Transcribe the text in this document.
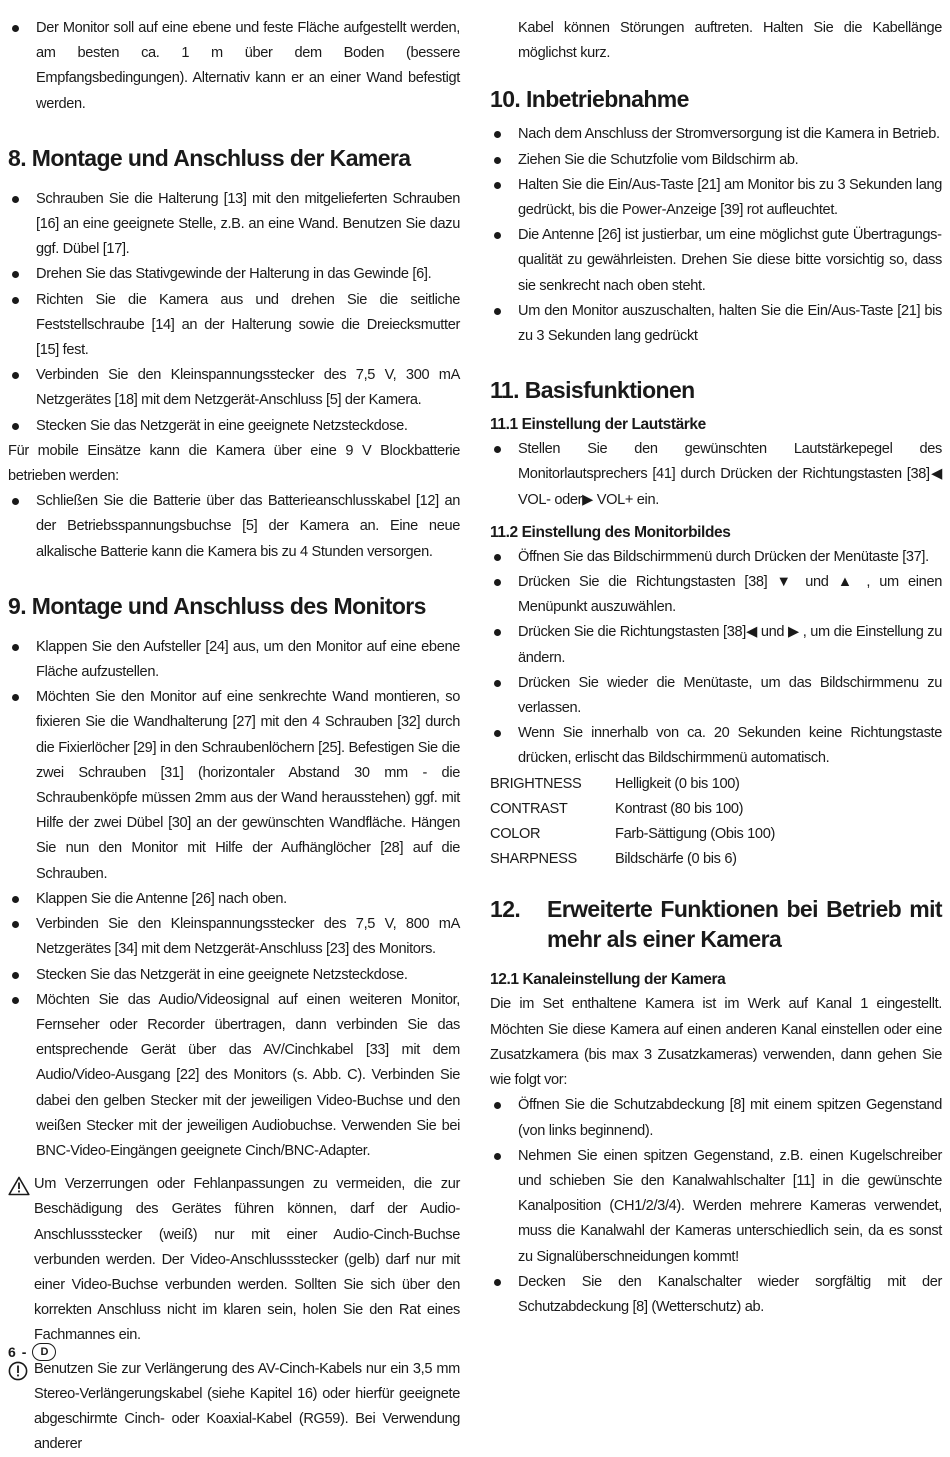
Der Monitor soll auf eine ebene und feste Fläche aufgestellt werden, am besten ca. 1 m über dem Boden (bessere Empfangsbedingungen). Alternativ kann er an einer Wand befestigt werden.
8. Montage und Anschluss der Kamera
Schrauben Sie die Halterung [13] mit den mitgelieferten Schrauben [16] an eine geeignete Stelle, z.B. an eine Wand. Benutzen Sie dazu ggf. Dübel [17].
Drehen Sie das Stativgewinde der Halterung in das Gewinde [6].
Richten Sie die Kamera aus und drehen Sie die seitliche Feststellschraube [14] an der Halterung sowie die Dreiecksmutter [15] fest.
Verbinden Sie den Kleinspannungsstecker des 7,5 V, 300 mA Netzgerätes [18] mit dem Netzgerät-Anschluss [5] der Kamera.
Stecken Sie das Netzgerät in eine geeignete Netzsteckdose.

Für mobile Einsätze kann die Kamera über eine 9 V Blockbatterie betrieben werden:

Schließen Sie die Batterie über das Batterieanschlusskabel [12] an der Betriebsspannungsbuchse [5] der Kamera an. Eine neue alkalische Batterie kann die Kamera bis zu 4 Stunden versorgen.
9. Montage und Anschluss des Monitors
Klappen Sie den Aufsteller [24] aus, um den Monitor auf eine ebene Fläche aufzustellen.
Möchten Sie den Monitor auf eine senkrechte Wand montieren, so fixieren Sie die Wandhalterung [27] mit den 4 Schrauben [32] durch die Fixierlöcher [29] in den Schraubenlöchern [25]. Befestigen Sie die zwei Schrauben [31] (horizontaler Abstand 30 mm - die Schraubenköpfe müssen 2mm aus der Wand herausstehen) ggf. mit Hilfe der zwei Dübel [30] an der gewünschten Wandfläche. Hängen Sie nun den Monitor mit Hilfe der Aufhänglöcher [28] auf die Schrauben.
Klappen Sie die Antenne [26] nach oben.
Verbinden Sie den Kleinspannungsstecker des 7,5 V, 800 mA Netzgerätes [34] mit dem Netzgerät-Anschluss [23] des Monitors.
Stecken Sie das Netzgerät in eine geeignete Netzsteckdose.
Möchten Sie das Audio/Videosignal auf einen weiteren Monitor, Fernseher oder Recorder übertragen, dann verbinden Sie das entsprechende Gerät über das AV/Cinchkabel [33] mit dem Audio/Video-Ausgang [22] des Monitors (s. Abb. C). Verbinden Sie dabei den gelben Stecker mit der jeweiligen Video-Buchse und den weißen Stecker mit der jeweiligen Audiobuchse. Verwenden Sie bei BNC-Video-Eingängen geeignete Cinch/BNC-Adapter.

Um Verzerrungen oder Fehlanpassungen zu vermeiden, die zur Beschädigung des Gerätes führen können, darf der Audio-Anschlussstecker (weiß) nur mit einer Audio-Cinch-Buchse verbunden werden. Der Video-Anschlussstecker (gelb) darf nur mit einer Video-Buchse verbunden werden. Sollten Sie sich über den korrekten Anschluss nicht im klaren sein, holen Sie den Rat eines Fachmannes ein.

Benutzen Sie zur Verlängerung des AV-Cinch-Kabels nur ein 3,5 mm Stereo-Verlängerungskabel (siehe Kapitel 16) oder hierfür geeignete abgeschirmte Cinch- oder Koaxial-Kabel (RG59). Bei Verwendung anderer

Kabel können Störungen auftreten. Halten Sie die Kabellänge möglichst kurz.

10. Inbetriebnahme
Nach dem Anschluss der Stromversorgung ist die Kamera in Betrieb.
Ziehen Sie die Schutzfolie vom Bildschirm ab.
Halten Sie die Ein/Aus-Taste [21] am Monitor bis zu 3 Sekunden lang gedrückt, bis die Power-Anzeige [39] rot aufleuchtet.
Die Antenne [26] ist justierbar, um eine möglichst gute Übertragungsqualität zu gewährleisten. Drehen Sie diese bitte vorsichtig so, dass sie senkrecht nach oben steht.
Um den Monitor auszuschalten, halten Sie die Ein/Aus-Taste [21] bis zu 3 Sekunden lang gedrückt
11. Basisfunktionen
11.1 Einstellung der Lautstärke
Stellen Sie den gewünschten Lautstärkepegel des Monitorlautsprechers [41] durch Drücken der Richtungstasten [38]◀ VOL- oder▶ VOL+ ein.
11.2 Einstellung des Monitorbildes
Öffnen Sie das Bildschirmmenü durch Drücken der Menütaste [37].
Drücken Sie die Richtungstasten [38] ▼ und ▲ , um einen Menüpunkt auszuwählen.
Drücken Sie die Richtungstasten [38]◀ und ▶ , um die Einstellung zu ändern.
Drücken Sie wieder die Menütaste, um das Bildschirmmenu zu verlassen.
Wenn Sie innerhalb von ca. 20 Sekunden keine Richtungstaste drücken, erlischt das Bildschirmmenü automatisch.
BRIGHTNESS	Helligkeit (0 bis 100)
CONTRAST	Kontrast (80 bis 100)
COLOR	Farb-Sättigung (Obis 100)
SHARPNESS	Bildschärfe (0 bis 6)
12.	Erweiterte Funktionen bei Betrieb mit mehr als einer Kamera
12.1 Kanaleinstellung der Kamera

Die im Set enthaltene Kamera ist im Werk auf Kanal 1 eingestellt. Möchten Sie diese Kamera auf einen anderen Kanal einstellen oder eine Zusatzkamera (bis max 3 Zusatzkameras) verwenden, dann gehen Sie wie folgt vor:

Öffnen Sie die Schutzabdeckung [8] mit einem spitzen Gegenstand (von links beginnend).
Nehmen Sie einen spitzen Gegenstand, z.B. einen Kugelschreiber und schieben Sie den Kanalwahlschalter [11] in die gewünschte Kanalposition (CH1/2/3/4). Werden mehrere Kameras verwendet, muss die Kanalwahl der Kameras unterschiedlich sein, da es sonst zu Signalüberschneidungen kommt!
Decken Sie den Kanalschalter wieder sorgfältig mit der Schutzabdeckung [8] (Wetterschutz) ab.
6 -	D
